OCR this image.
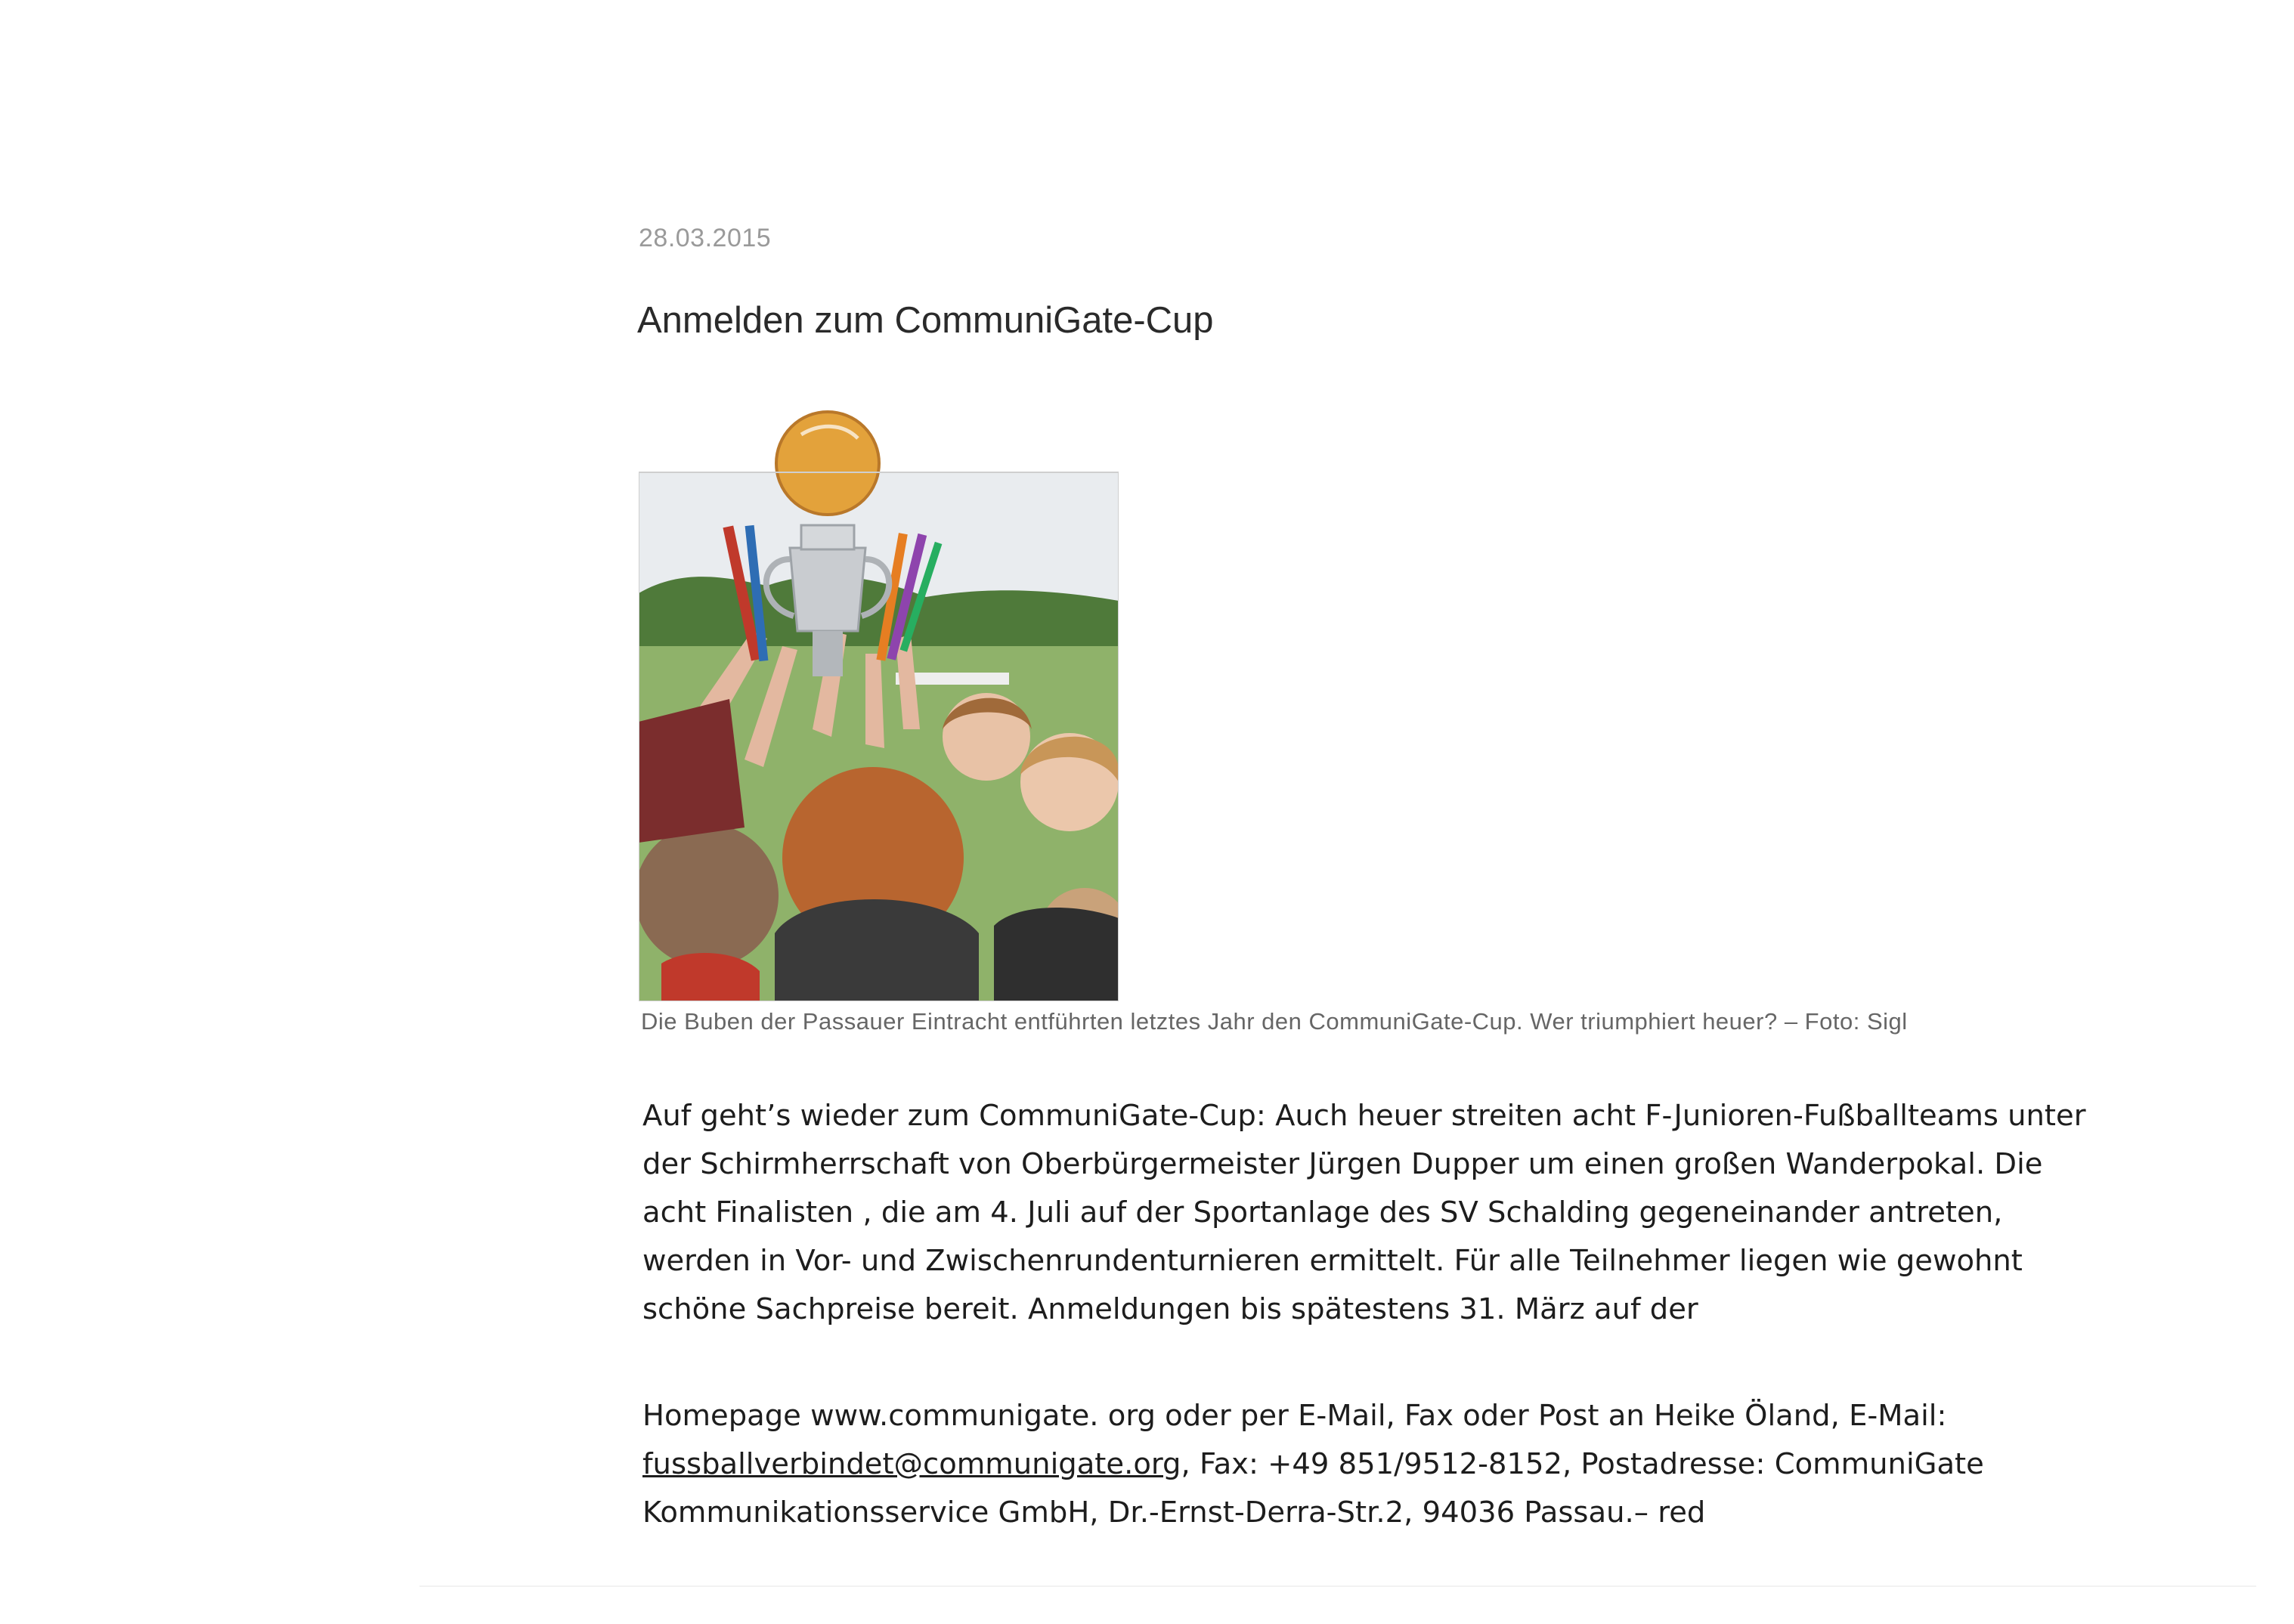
28.03.2015
Anmelden zum CommuniGate-Cup
Die Buben der Passauer Eintracht entführten letztes Jahr den CommuniGate-Cup. Wer triumphiert heuer? – Foto: Sigl
Auf geht’s wieder zum CommuniGate-Cup: Auch heuer streiten acht F-Junioren-Fußballteams unter
der Schirmherrschaft von Oberbürgermeister Jürgen Dupper um einen großen Wanderpokal. Die
acht Finalisten , die am 4. Juli auf der Sportanlage des SV Schalding gegeneinander antreten,
werden in Vor- und Zwischenrundenturnieren ermittelt. Für alle Teilnehmer liegen wie gewohnt
schöne Sachpreise bereit. Anmeldungen bis spätestens 31. März auf der
Homepage www.communigate. org oder per E-Mail, Fax oder Post an Heike Öland, E-Mail:
fussballverbindet@communigate.org, Fax: +49 851/9512-8152, Postadresse: CommuniGate
Kommunikationsservice GmbH, Dr.-Ernst-Derra-Str.2, 94036 Passau.– red
